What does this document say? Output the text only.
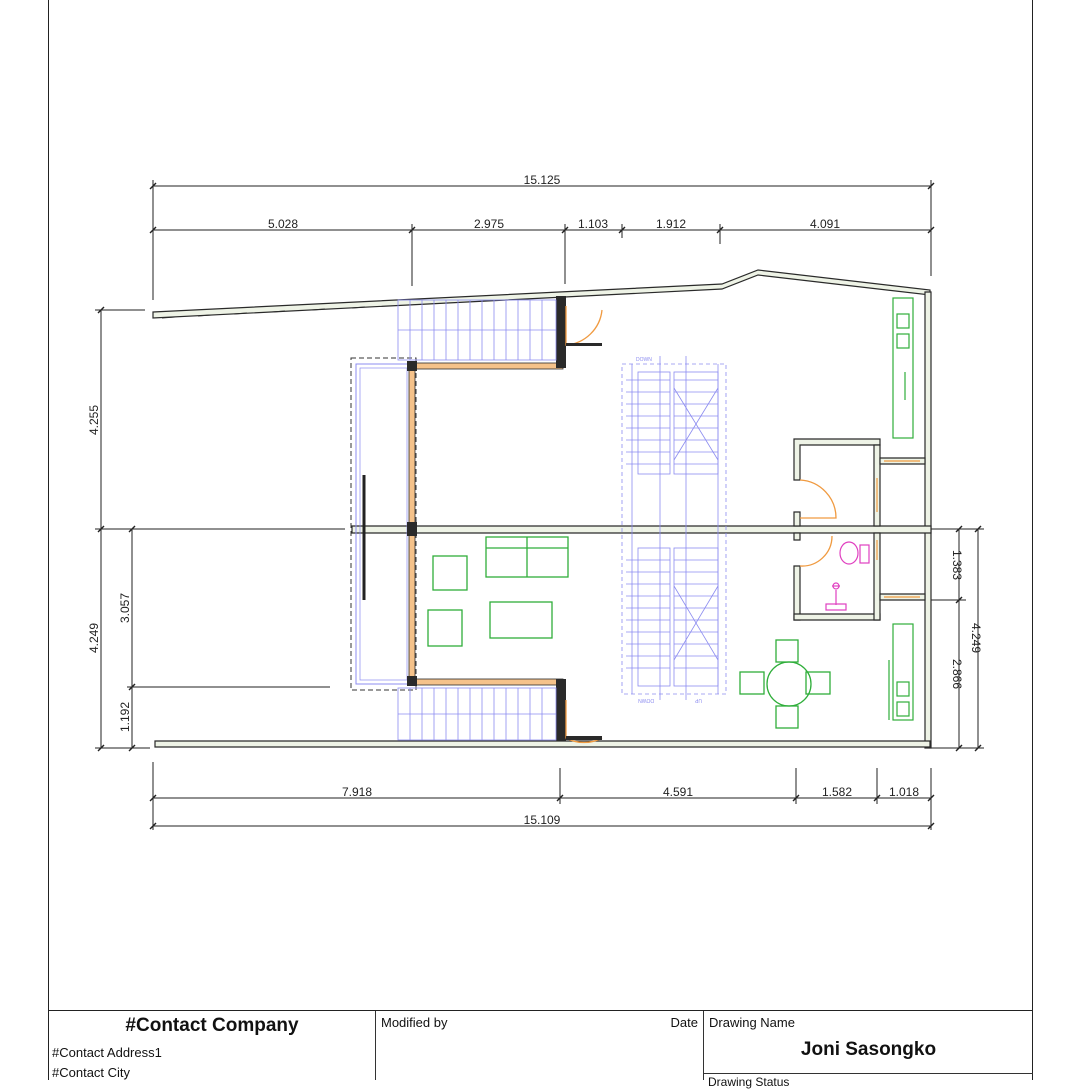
15.125
5.028	2.975	1.103	1.912	4.091
7.918	4.591	1.582	1.018
15.109
4.255
4.249
3.057
1.192
1.383
2.866
4.249
DOWN
DOWN	UP
#Contact Company
#Contact Address1
#Contact City
Modified by	Date Drawing Name
Joni Sasongko
Drawing Status
